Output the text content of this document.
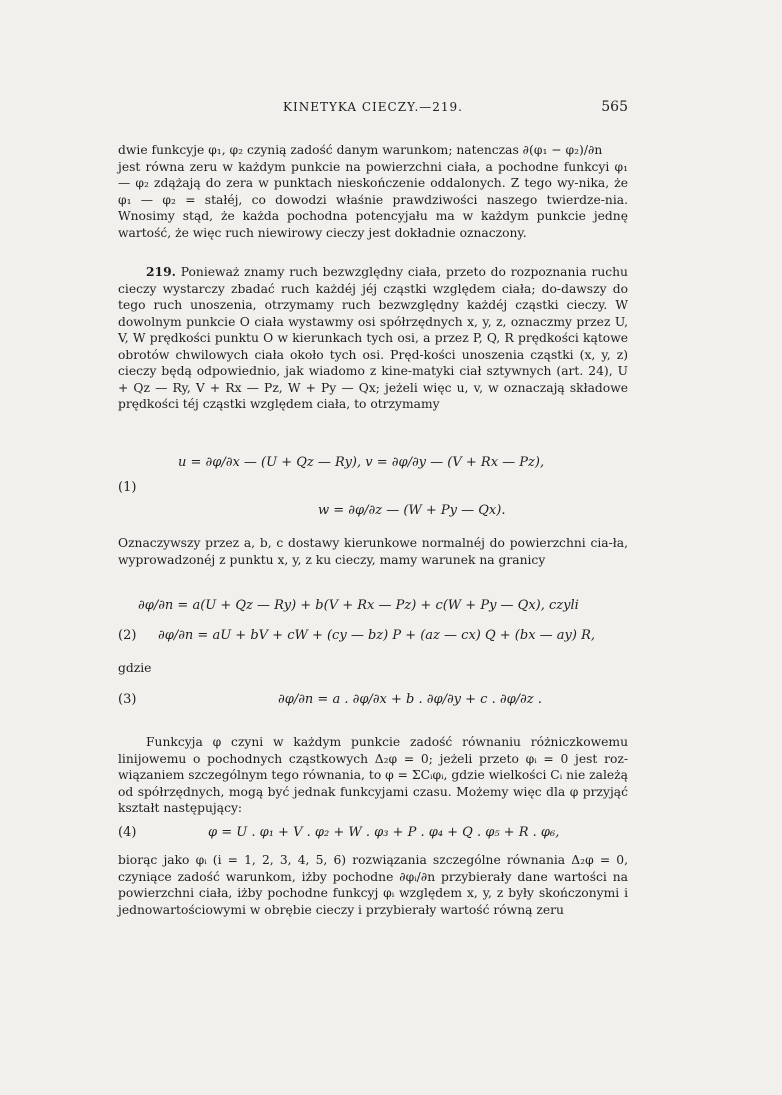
KINETYKA CIECZY.—219.	565

dwie funkcyje φ₁, φ₂ czynią zadość danym warunkom; natenczas ∂(φ₁ − φ₂)/∂n

jest równa zeru w każdym punkcie na powierzchni ciała, a pochodne funkcyi φ₁ — φ₂ zdążają do zera w punktach nieskończenie oddalonych. Z tego wy-nika, że φ₁ — φ₂ = stałéj, co dowodzi właśnie prawdziwości naszego twierdze-nia. Wnosimy stąd, że każda pochodna potencyjału ma w każdym punkcie jednę wartość, że więc ruch niewirowy cieczy jest dokładnie oznaczony.

219. Ponieważ znamy ruch bezwzględny ciała, przeto do rozpoznania ruchu cieczy wystarczy zbadać ruch każdéj jéj cząstki względem ciała; do-dawszy do tego ruch unoszenia, otrzymamy ruch bezwzględny każdéj cząstki cieczy. W dowolnym punkcie O ciała wystawmy osi spółrzędnych x, y, z, oznaczmy przez U, V, W prędkości punktu O w kierunkach tych osi, a przez P, Q, R prędkości kątowe obrotów chwilowych ciała około tych osi. Pręd-kości unoszenia cząstki (x, y, z) cieczy będą odpowiednio, jak wiadomo z kine-matyki ciał sztywnych (art. 24), U + Qz — Ry, V + Rx — Pz, W + Py — Qx; jeżeli więc u, v, w oznaczają składowe prędkości téj cząstki względem ciała, to otrzymamy

u = ∂φ/∂x — (U + Qz — Ry), v = ∂φ/∂y — (V + Rx — Pz),
(1)
w = ∂φ/∂z — (W + Py — Qx).

Oznaczywszy przez a, b, c dostawy kierunkowe normalnéj do powierzchni cia-ła, wyprowadzonéj z punktu x, y, z ku cieczy, mamy warunek na granicy

∂φ/∂n = a(U + Qz — Ry) + b(V + Rx — Pz) + c(W + Py — Qx), czyli
(2) ∂φ/∂n = aU + bV + cW + (cy — bz) P + (az — cx) Q + (bx — ay) R,

gdzie

(3)	∂φ/∂n = a . ∂φ/∂x + b . ∂φ/∂y + c . ∂φ/∂z .

Funkcyja φ czyni w każdym punkcie zadość równaniu różniczkowemu linijowemu o pochodnych cząstkowych Δ₂φ = 0; jeżeli przeto φᵢ = 0 jest roz-wiązaniem szczególnym tego równania, to φ = ΣCᵢφᵢ, gdzie wielkości Cᵢ nie zależą od spółrzędnych, mogą być jednak funkcyjami czasu. Możemy więc dla φ przyjąć kształt następujący:

(4)	φ = U . φ₁ + V . φ₂ + W . φ₃ + P . φ₄ + Q . φ₅ + R . φ₆,

biorąc jako φᵢ (i = 1, 2, 3, 4, 5, 6) rozwiązania szczególne równania Δ₂φ = 0, czyniące zadość warunkom, iżby pochodne ∂φᵢ/∂n przybierały dane wartości na powierzchni ciała, iżby pochodne funkcyj φᵢ względem x, y, z były skończonymi i jednowartościowymi w obrębie cieczy i przybierały wartość równą zeru
